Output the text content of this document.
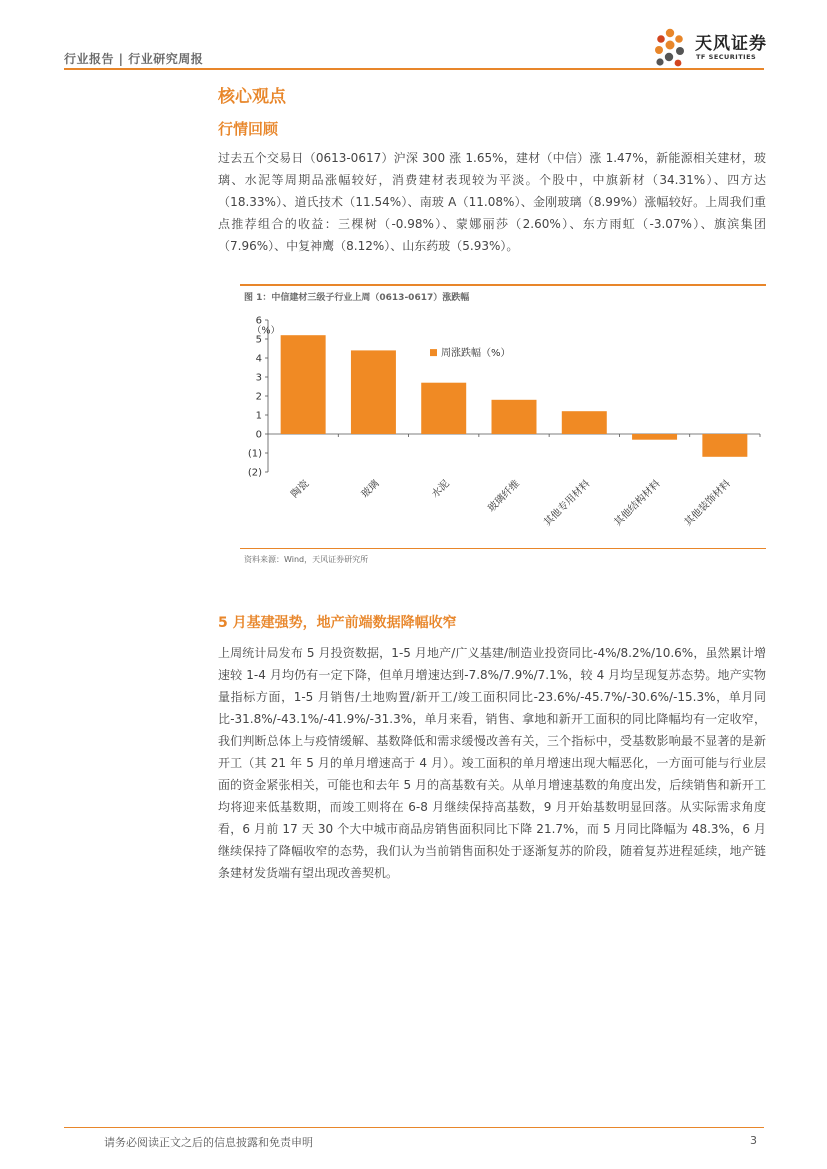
行业报告 | 行业研究周报
天风证券
TF SECURITIES
核心观点
行情回顾

过去五个交易日（0613-0617）沪深 300 涨 1.65%，建材（中信）涨 1.47%，新能源相关建材，玻璃、水泥等周期品涨幅较好，消费建材表现较为平淡。个股中，中旗新材（34.31%）、四方达（18.33%）、道氏技术（11.54%）、南玻 A（11.08%）、金刚玻璃（8.99%）涨幅较好。上周我们重点推荐组合的收益：三棵树（-0.98%）、蒙娜丽莎（2.60%）、东方雨虹（-3.07%）、旗滨集团（7.96%）、中复神鹰（8.12%）、山东药玻（5.93%）。

图 1：中信建材三级子行业上周（0613-0617）涨跌幅
(2)
(1)
0
1
2
3
4
5
6
（%）
陶瓷	玻璃	水泥	玻璃纤维 其他专用材料 其他结构材料 其他装饰材料
周涨跌幅（%）
资料来源：Wind，天风证券研究所
5 月基建强势，地产前端数据降幅收窄

上周统计局发布 5 月投资数据，1-5 月地产/广义基建/制造业投资同比-4%/8.2%/10.6%，虽然累计增速较 1-4 月均仍有一定下降，但单月增速达到-7.8%/7.9%/7.1%，较 4 月均呈现复苏态势。地产实物量指标方面，1-5 月销售/土地购置/新开工/竣工面积同比-23.6%/-45.7%/-30.6%/-15.3%，单月同比-31.8%/-43.1%/-41.9%/-31.3%，单月来看，销售、拿地和新开工面积的同比降幅均有一定收窄，我们判断总体上与疫情缓解、基数降低和需求缓慢改善有关，三个指标中，受基数影响最不显著的是新开工（其 21 年 5 月的单月增速高于 4 月）。竣工面积的单月增速出现大幅恶化，一方面可能与行业层面的资金紧张相关，可能也和去年 5 月的高基数有关。从单月增速基数的角度出发，后续销售和新开工均将迎来低基数期，而竣工则将在 6-8 月继续保持高基数，9 月开始基数明显回落。从实际需求角度看，6 月前 17 天 30 个大中城市商品房销售面积同比下降 21.7%，而 5 月同比降幅为 48.3%，6 月继续保持了降幅收窄的态势，我们认为当前销售面积处于逐渐复苏的阶段，随着复苏进程延续，地产链条建材发货端有望出现改善契机。

请务必阅读正文之后的信息披露和免责申明	3
